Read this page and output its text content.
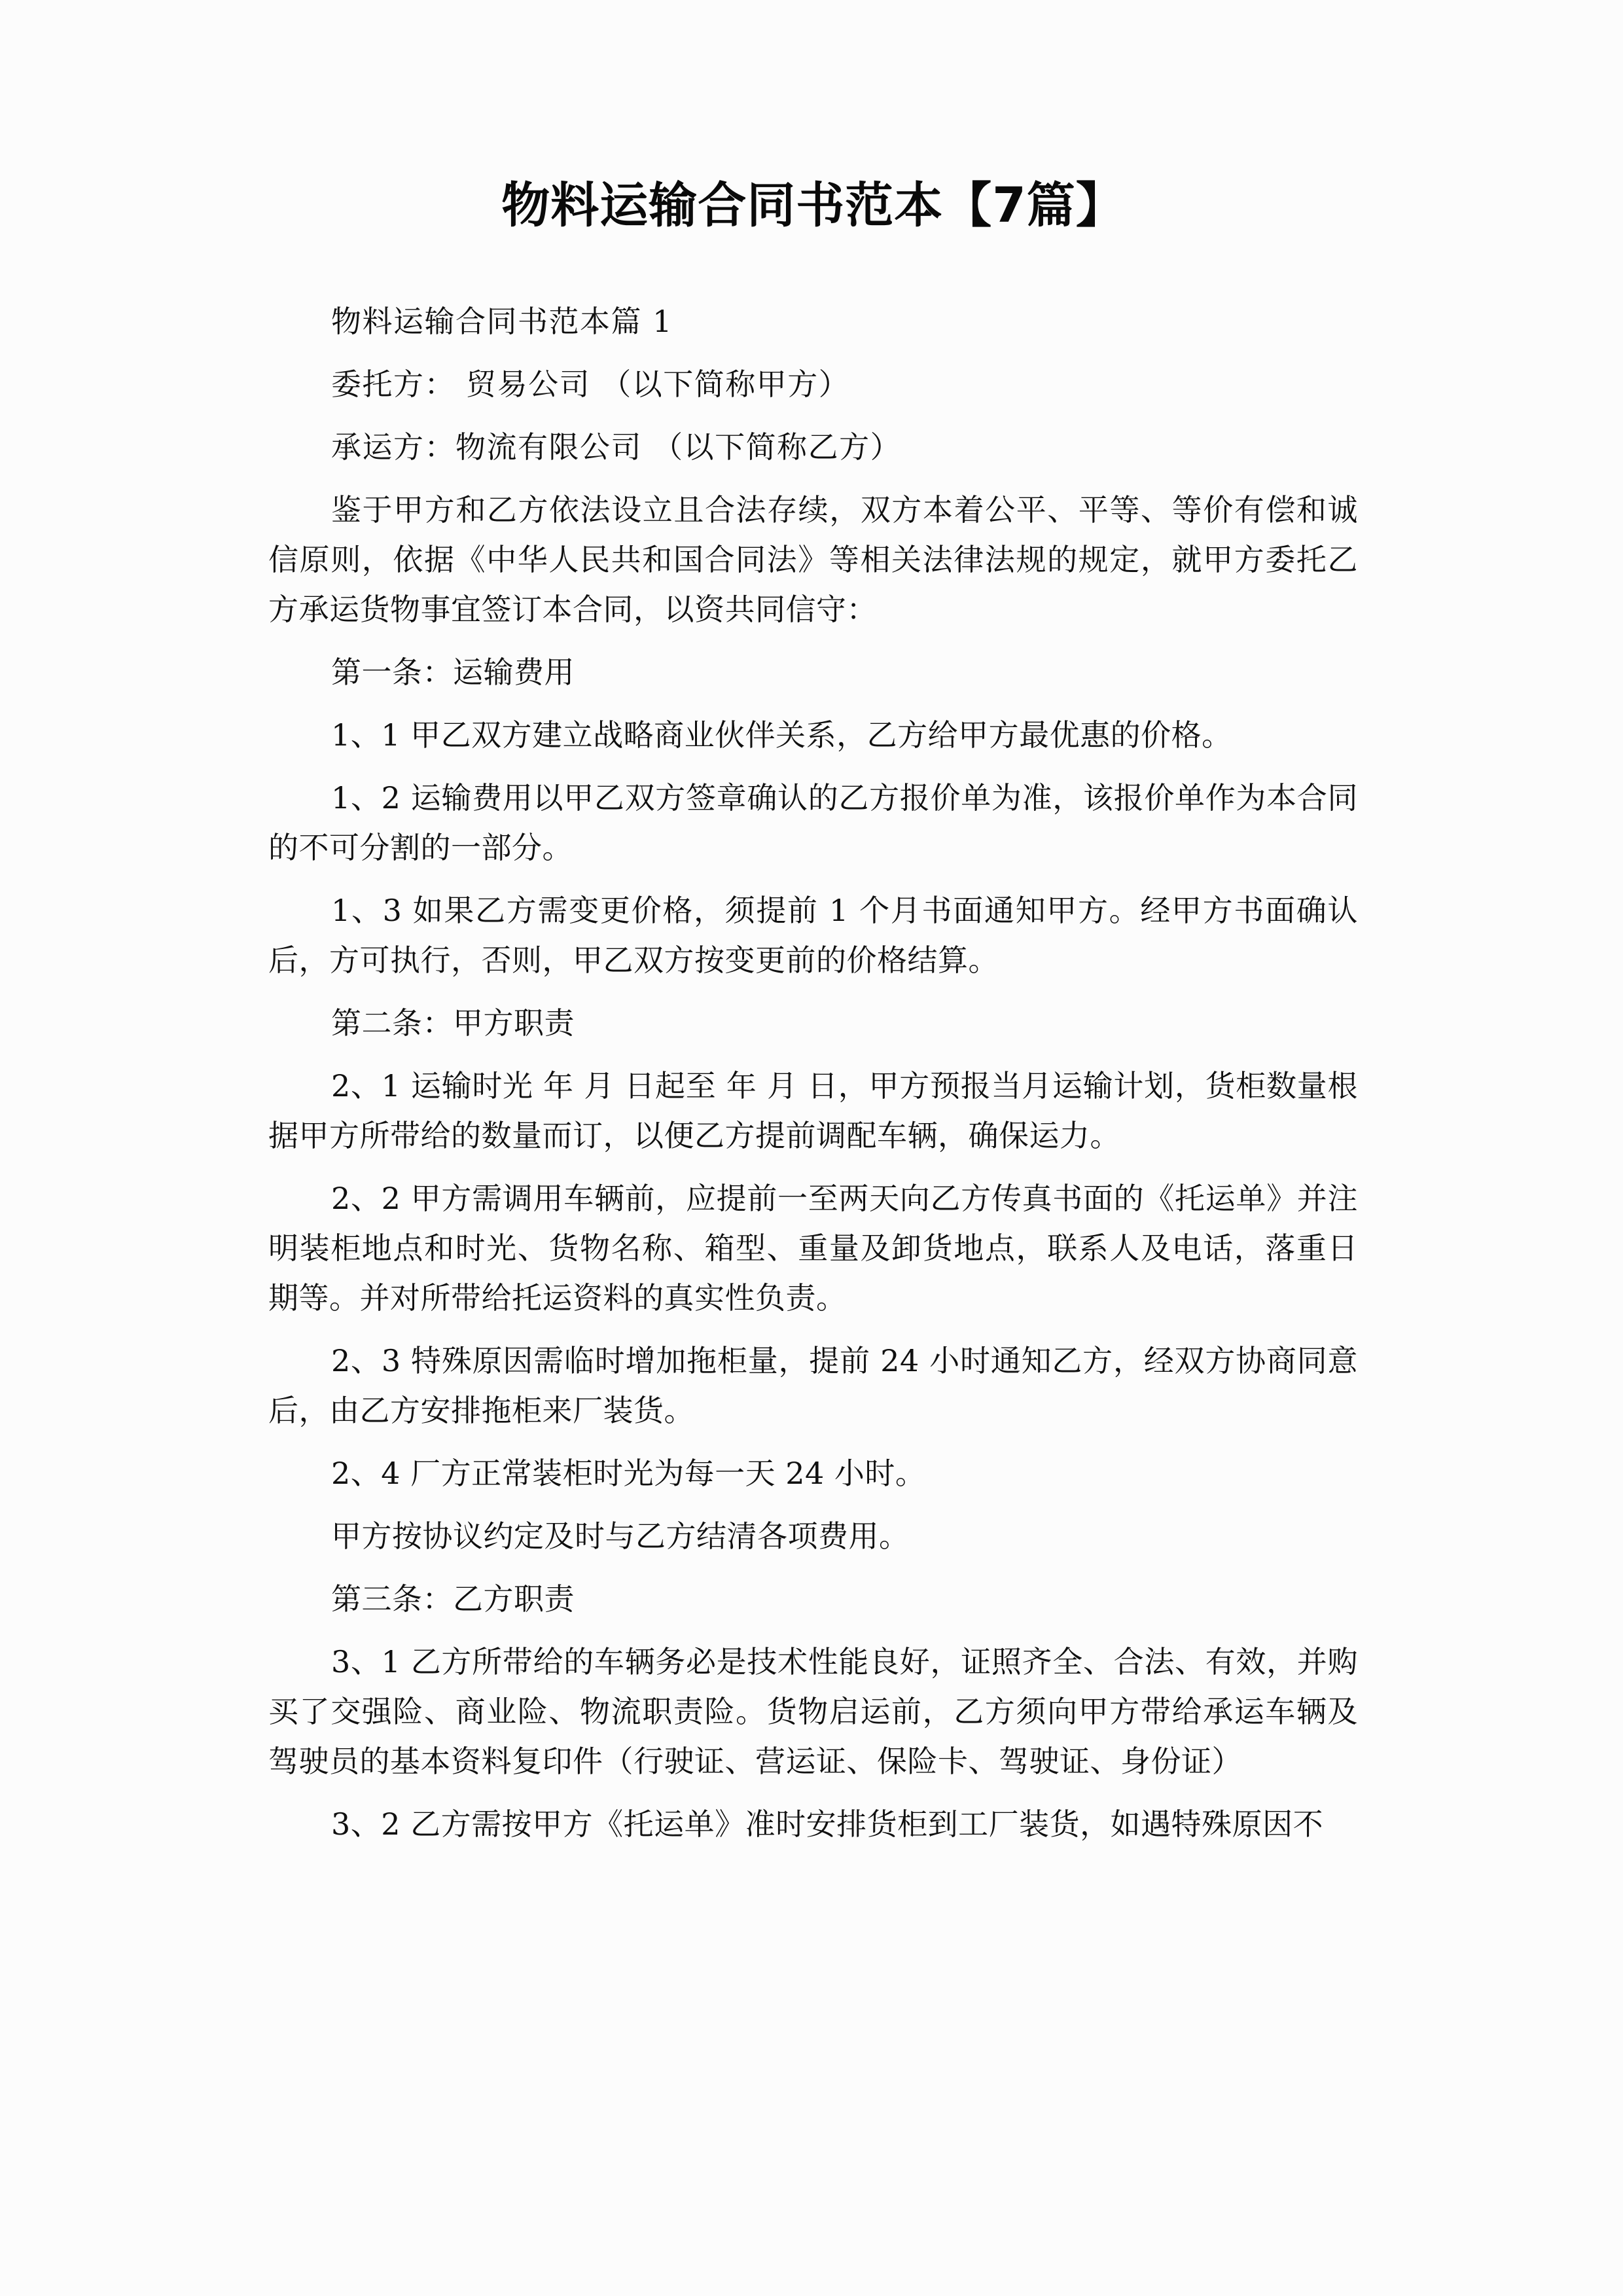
物料运输合同书范本【7篇】

物料运输合同书范本篇 1

委托方： 贸易公司 （以下简称甲方）

承运方：物流有限公司 （以下简称乙方）

鉴于甲方和乙方依法设立且合法存续，双方本着公平、平等、等价有偿和诚信原则，依据《中华人民共和国合同法》等相关法律法规的规定，就甲方委托乙方承运货物事宜签订本合同，以资共同信守：

第一条：运输费用

1、1 甲乙双方建立战略商业伙伴关系，乙方给甲方最优惠的价格。

1、2 运输费用以甲乙双方签章确认的乙方报价单为准，该报价单作为本合同的不可分割的一部分。

1、3 如果乙方需变更价格，须提前 1 个月书面通知甲方。经甲方书面确认后，方可执行，否则，甲乙双方按变更前的价格结算。

第二条：甲方职责

2、1 运输时光 年 月 日起至 年 月 日，甲方预报当月运输计划，货柜数量根据甲方所带给的数量而订，以便乙方提前调配车辆，确保运力。

2、2 甲方需调用车辆前，应提前一至两天向乙方传真书面的《托运单》并注明装柜地点和时光、货物名称、箱型、重量及卸货地点，联系人及电话，落重日期等。并对所带给托运资料的真实性负责。

2、3 特殊原因需临时增加拖柜量，提前 24 小时通知乙方，经双方协商同意后，由乙方安排拖柜来厂装货。

2、4 厂方正常装柜时光为每一天 24 小时。

甲方按协议约定及时与乙方结清各项费用。

第三条：乙方职责

3、1 乙方所带给的车辆务必是技术性能良好，证照齐全、合法、有效，并购买了交强险、商业险、物流职责险。货物启运前，乙方须向甲方带给承运车辆及驾驶员的基本资料复印件（行驶证、营运证、保险卡、驾驶证、身份证）

3、2 乙方需按甲方《托运单》准时安排货柜到工厂装货，如遇特殊原因不
